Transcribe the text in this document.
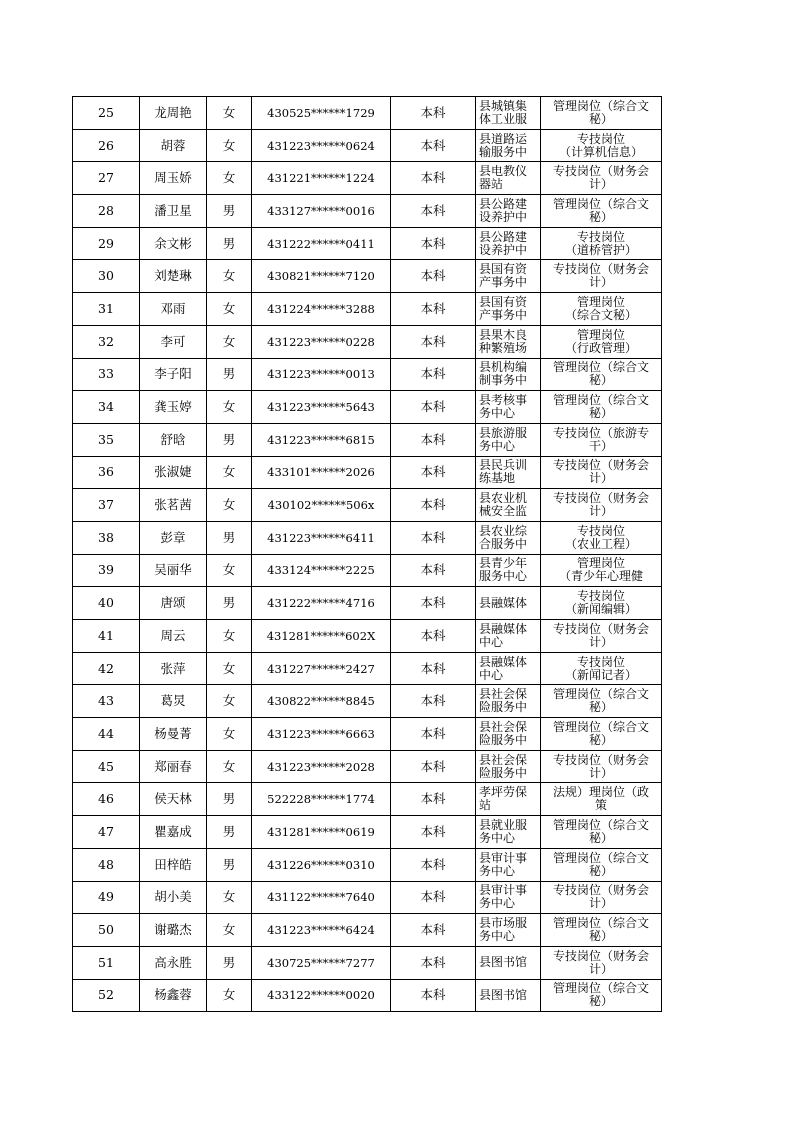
25	龙周艳	女	430525******1729	本科	县城镇集
体工业服	管理岗位（综合文
秘）

26	胡蓉	女	431223******0624	本科	县道路运
输服务中	专技岗位
（计算机信息）

27	周玉娇	女	431221******1224	本科	县电教仪
器站	专技岗位（财务会
计）

28	潘卫星	男	433127******0016	本科	县公路建
设养护中	管理岗位（综合文
秘）

29	余文彬	男	431222******0411	本科	县公路建
设养护中	专技岗位
（道桥管护）

30	刘楚琳	女	430821******7120	本科	县国有资
产事务中	专技岗位（财务会
计）

31	邓雨	女	431224******3288	本科	县国有资
产事务中	管理岗位
（综合文秘）

32	李可	女	431223******0228	本科	县果木良
种繁殖场	管理岗位
（行政管理）

33	李子阳	男	431223******0013	本科	县机构编
制事务中	管理岗位（综合文
秘）

34	龚玉婷	女	431223******5643	本科	县考核事
务中心	管理岗位（综合文
秘）

35	舒晗	男	431223******6815	本科	县旅游服
务中心	专技岗位（旅游专
干）

36	张淑婕	女	433101******2026	本科	县民兵训
练基地	专技岗位（财务会
计）

37	张茗茜	女	430102******506x	本科	县农业机
械安全监	专技岗位（财务会
计）

38	彭章	男	431223******6411	本科	县农业综
合服务中	专技岗位
（农业工程）

39	吴丽华	女	433124******2225	本科	县青少年
服务中心	管理岗位
（青少年心理健

40	唐颂	男	431222******4716	本科	县融媒体	专技岗位
（新闻编辑）

41	周云	女	431281******602X	本科	县融媒体
中心	专技岗位（财务会
计）

42	张萍	女	431227******2427	本科	县融媒体
中心	专技岗位
（新闻记者）

43	葛炅	女	430822******8845	本科	县社会保
险服务中	管理岗位（综合文
秘）

44	杨曼菁	女	431223******6663	本科	县社会保
险服务中	管理岗位（综合文
秘）

45	郑丽春	女	431223******2028	本科	县社会保
险服务中	专技岗位（财务会
计）

46	侯天林	男	522228******1774	本科	孝坪劳保
站	法规）理岗位（政
策

47	瞿嘉成	男	431281******0619	本科	县就业服
务中心	管理岗位（综合文
秘）

48	田梓皓	男	431226******0310	本科	县审计事
务中心	管理岗位（综合文
秘）

49	胡小美	女	431122******7640	本科	县审计事
务中心	专技岗位（财务会
计）

50	谢璐杰	女	431223******6424	本科	县市场服
务中心	管理岗位（综合文
秘）

51	高永胜	男	430725******7277	本科	县图书馆	专技岗位（财务会
计）

52	杨鑫蓉	女	433122******0020	本科	县图书馆	管理岗位（综合文
秘）
